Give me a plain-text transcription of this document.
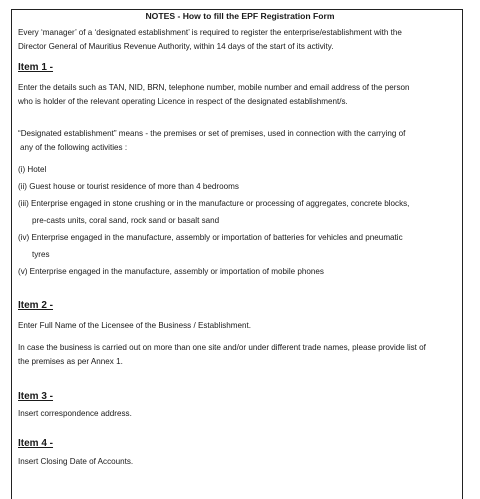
NOTES - How to fill the EPF Registration Form
Every ‘manager’ of a ‘designated establishment’ is required to register the enterprise/establishment with the
Director General of Mauritius Revenue Authority, within 14 days of the start of its activity.
Item 1 -
Enter the details such as TAN, NID, BRN, telephone number, mobile number and email address of the person
who is holder of the relevant operating Licence in respect of the designated establishment/s.
“Designated establishment” means - the premises or set of premises, used in connection with the carrying of
any of the following activities :
(i) Hotel
(ii) Guest house or tourist residence of more than 4 bedrooms
(iii) Enterprise engaged in stone crushing or in the manufacture or processing of aggregates, concrete blocks,
pre-casts units, coral sand, rock sand or basalt sand
(iv) Enterprise engaged in the manufacture, assembly or importation of batteries for vehicles and pneumatic
tyres
(v) Enterprise engaged in the manufacture, assembly or importation of mobile phones
Item 2 -
Enter Full Name of the Licensee of the Business / Establishment.
In case the business is carried out on more than one site and/or under different trade names, please provide list of
the premises as per Annex 1.
Item 3 -
Insert correspondence address.
Item 4 -
Insert Closing Date of Accounts.
